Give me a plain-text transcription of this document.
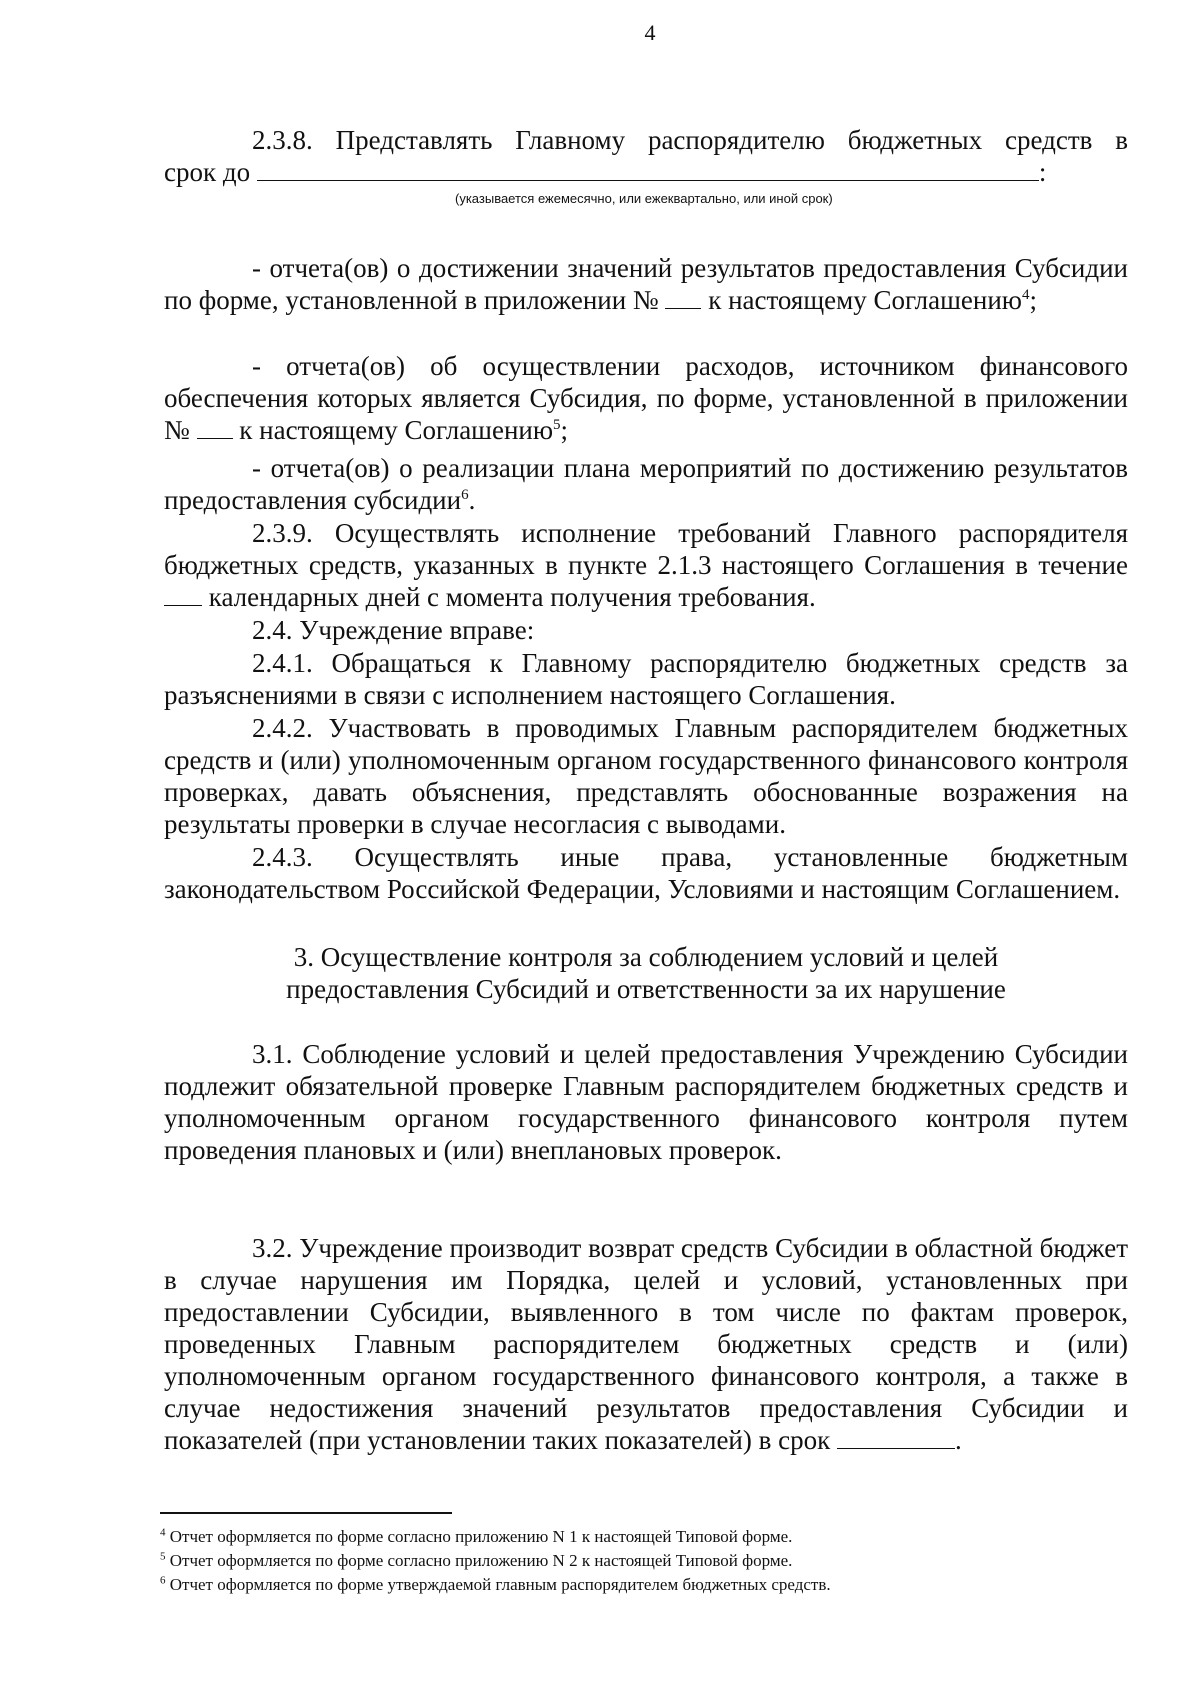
4
2.3.8. Представлять Главному распорядителю бюджетных средств в
срок до	:
(указывается ежемесячно, или ежеквартально, или иной срок)
- отчета(ов) о достижении значений результатов предоставления Субсидии по форме, установленной в приложении № к настоящему Соглашению$^4$;
- отчета(ов) об осуществлении расходов, источником финансового обеспечения которых является Субсидия, по форме, установленной в приложении № к настоящему Соглашению$^5$;
- отчета(ов) о реализации плана мероприятий по достижению результатов предоставления субсидии$^6$.
2.3.9. Осуществлять исполнение требований Главного распорядителя бюджетных средств, указанных в пункте 2.1.3 настоящего Соглашения в течение  календарных дней с момента получения требования.
2.4. Учреждение вправе:
2.4.1. Обращаться к Главному распорядителю бюджетных средств за разъяснениями в связи с исполнением настоящего Соглашения.
2.4.2. Участвовать в проводимых Главным распорядителем бюджетных средств и (или) уполномоченным органом государственного финансового контроля проверках, давать объяснения, представлять обоснованные возражения на результаты проверки в случае несогласия с выводами.
2.4.3. Осуществлять иные права, установленные бюджетным законодательством Российской Федерации, Условиями и настоящим Соглашением.
3. Осуществление контроля за соблюдением условий и целей
предоставления Субсидий и ответственности за их нарушение
3.1. Соблюдение условий и целей предоставления Учреждению Субсидии подлежит обязательной проверке Главным распорядителем бюджетных средств и уполномоченным органом государственного финансового контроля путем проведения плановых и (или) внеплановых проверок.
3.2. Учреждение производит возврат средств Субсидии в областной бюджет в случае нарушения им Порядка, целей и условий, установленных при предоставлении Субсидии, выявленного в том числе по фактам проверок, проведенных Главным распорядителем бюджетных средств и (или) уполномоченным органом государственного финансового контроля, а также в случае недостижения значений результатов предоставления Субсидии и показателей (при установлении таких показателей) в срок	.
$^4$ Отчет оформляется по форме согласно приложению N 1 к настоящей Типовой форме.
$^5$ Отчет оформляется по форме согласно приложению N 2 к настоящей Типовой форме.
$^6$ Отчет оформляется по форме утверждаемой главным распорядителем бюджетных средств.
